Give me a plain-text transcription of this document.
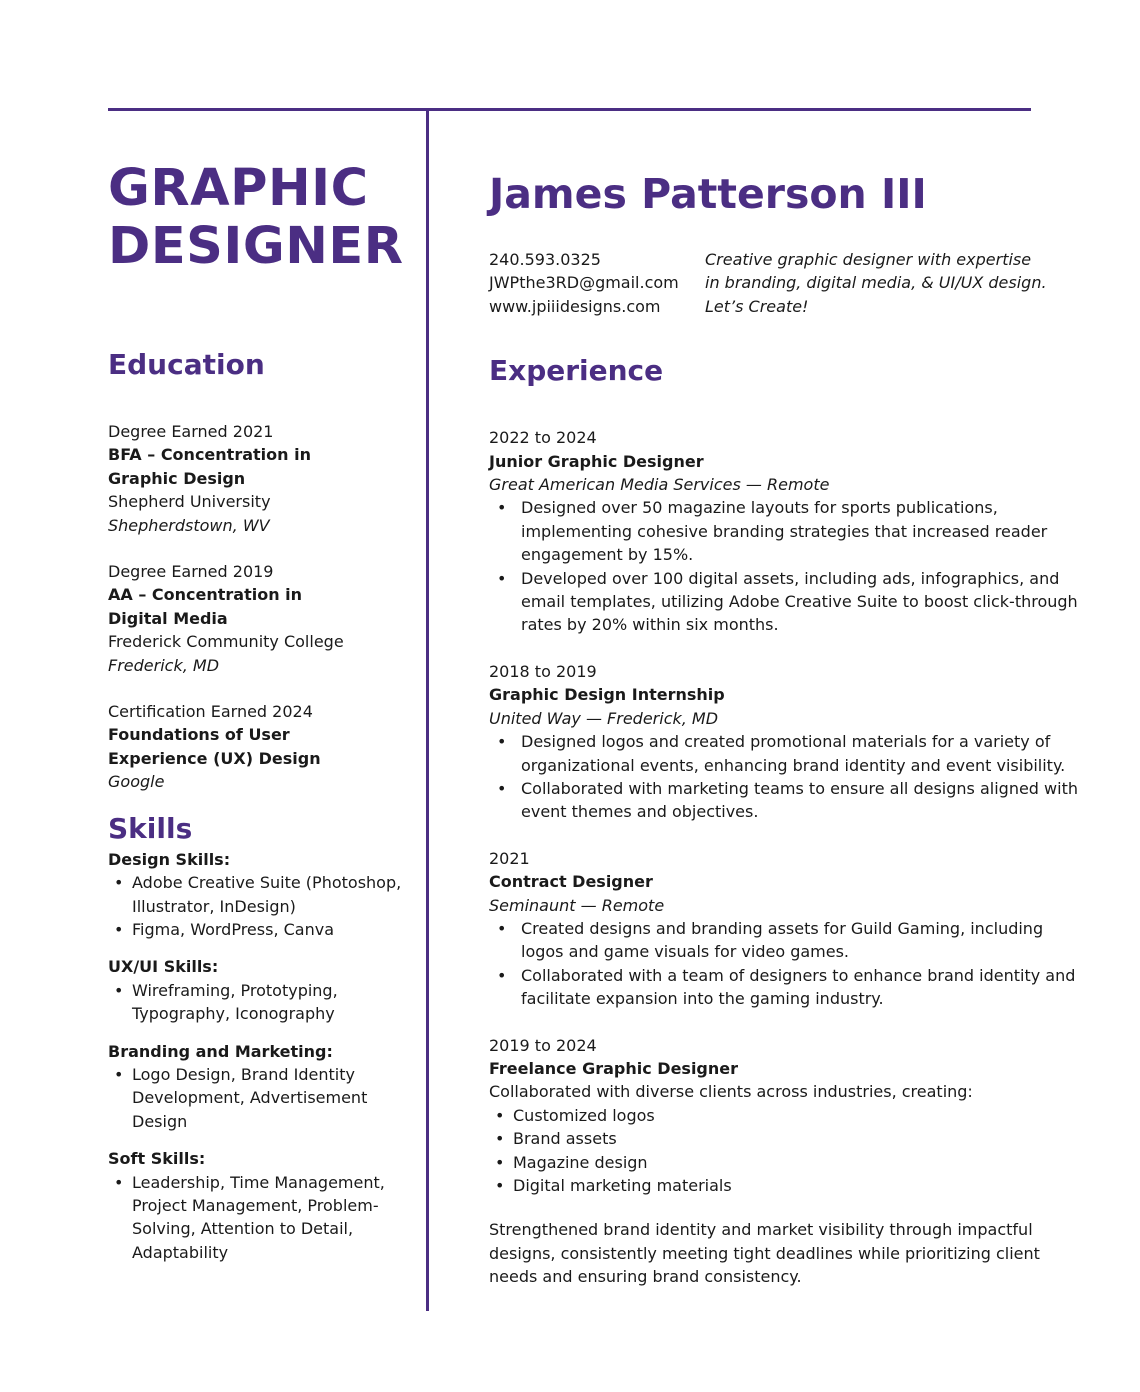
GRAPHIC
DESIGNER
Education
Degree Earned 2021
BFA – Concentration in
Graphic Design
Shepherd University
Shepherdstown, WV
Degree Earned 2019
AA – Concentration in
Digital Media
Frederick Community College
Frederick, MD
Certification Earned 2024
Foundations of User
Experience (UX) Design
Google
Skills
Design Skills:
• Adobe Creative Suite (Photoshop, Illustrator, InDesign)
• Figma, WordPress, Canva
UX/UI Skills:
• Wireframing, Prototyping, Typography, Iconography
Branding and Marketing:
• Logo Design, Brand Identity Development, Advertisement Design
Soft Skills:
• Leadership, Time Management, Project Management, Problem-Solving, Attention to Detail, Adaptability
James Patterson III
240.593.0325
JWPthe3RD@gmail.com
www.jpiiidesigns.com
Creative graphic designer with expertise
in branding, digital media, & UI/UX design.
Let’s Create!
Experience
2022 to 2024
Junior Graphic Designer
Great American Media Services — Remote
• Designed over 50 magazine layouts for sports publications, implementing cohesive branding strategies that increased reader engagement by 15%.
• Developed over 100 digital assets, including ads, infographics, and email templates, utilizing Adobe Creative Suite to boost click-through rates by 20% within six months.
2018 to 2019
Graphic Design Internship
United Way — Frederick, MD
• Designed logos and created promotional materials for a variety of organizational events, enhancing brand identity and event visibility.
• Collaborated with marketing teams to ensure all designs aligned with event themes and objectives.
2021
Contract Designer
Seminaunt — Remote
• Created designs and branding assets for Guild Gaming, including logos and game visuals for video games.
• Collaborated with a team of designers to enhance brand identity and facilitate expansion into the gaming industry.
2019 to 2024
Freelance Graphic Designer
Collaborated with diverse clients across industries, creating:
• Customized logos
• Brand assets
• Magazine design
• Digital marketing materials
Strengthened brand identity and market visibility through impactful designs, consistently meeting tight deadlines while prioritizing client needs and ensuring brand consistency.
